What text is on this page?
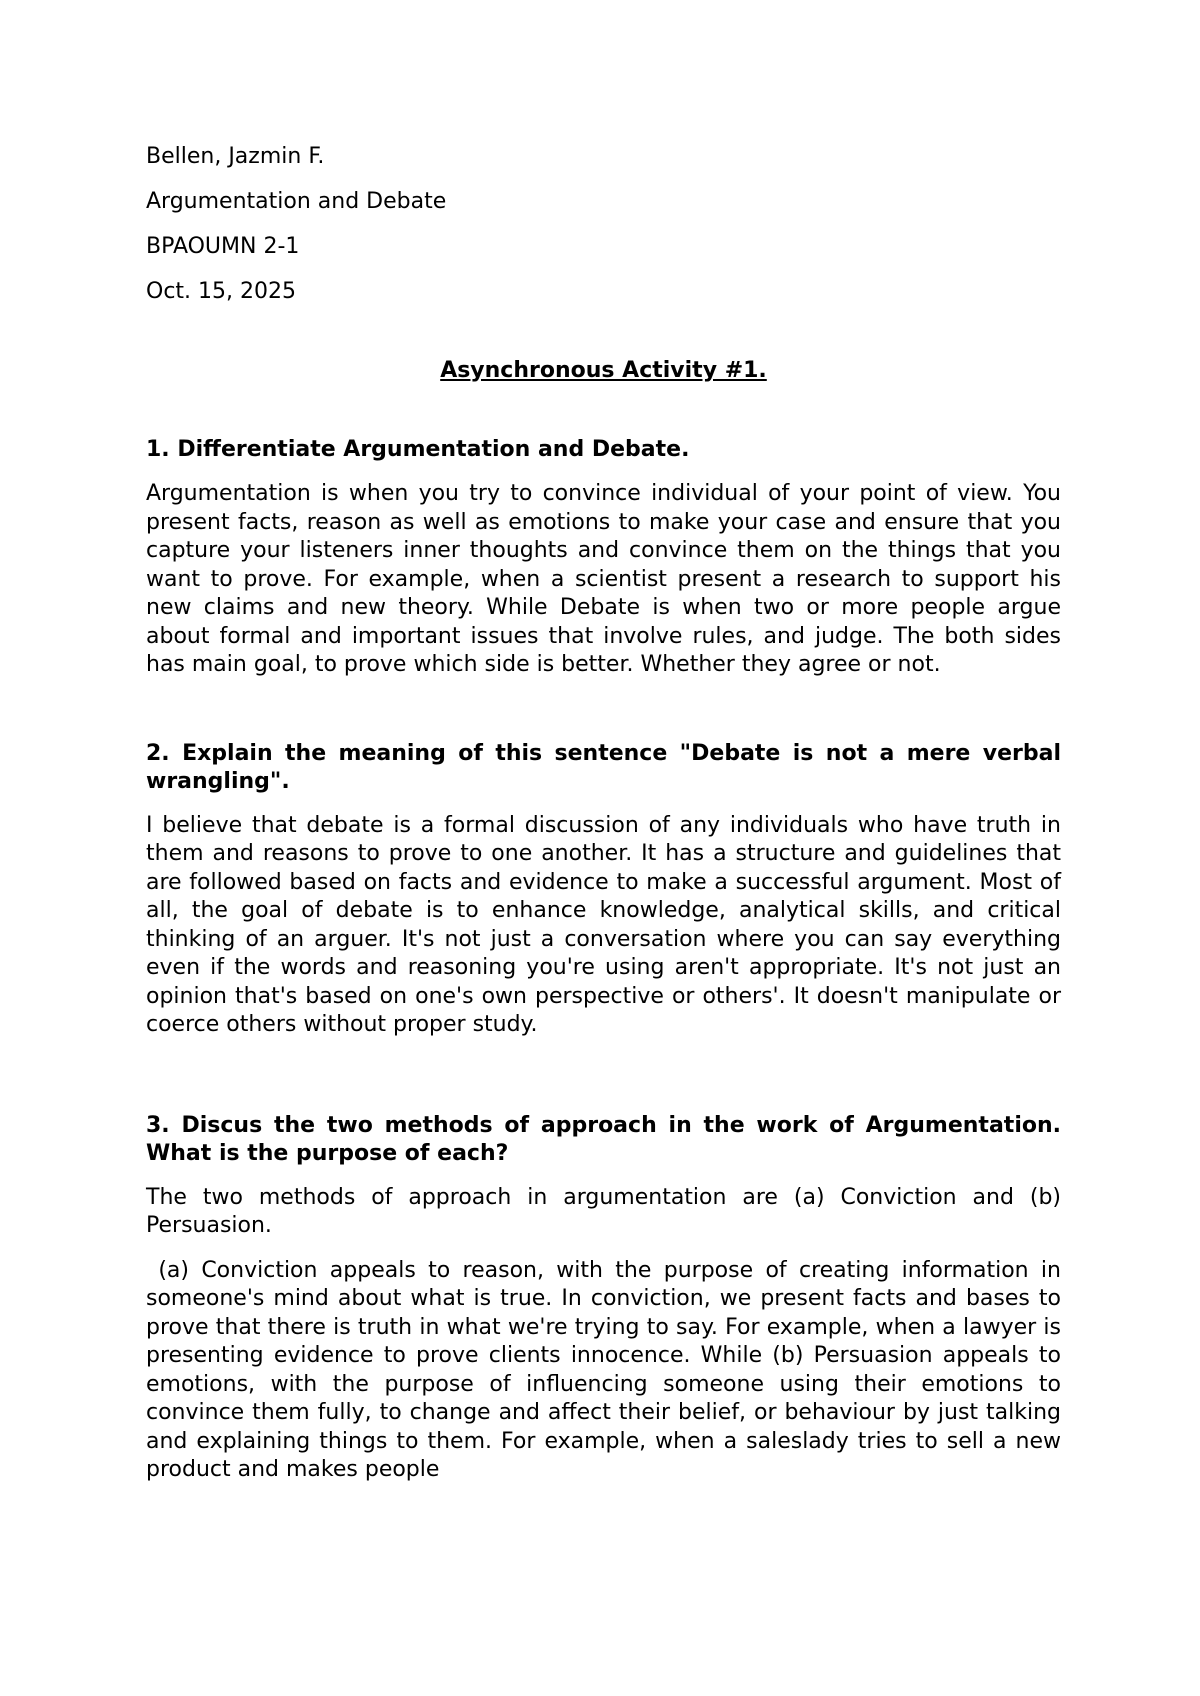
Bellen, Jazmin F.
Argumentation and Debate
BPAOUMN 2-1
Oct. 15, 2025
Asynchronous Activity #1.
1. Differentiate Argumentation and Debate.
Argumentation is when you try to convince individual of your point of view. You present facts, reason as well as emotions to make your case and ensure that you capture your listeners inner thoughts and convince them on the things that you want to prove. For example, when a scientist present a research to support his new claims and new theory. While Debate is when two or more people argue about formal and important issues that involve rules, and judge. The both sides has main goal, to prove which side is better. Whether they agree or not.
2. Explain the meaning of this sentence "Debate is not a mere verbal wrangling".
I believe that debate is a formal discussion of any individuals who have truth in them and reasons to prove to one another. It has a structure and guidelines that are followed based on facts and evidence to make a successful argument. Most of all, the goal of debate is to enhance knowledge, analytical skills, and critical thinking of an arguer. It's not just a conversation where you can say everything even if the words and reasoning you're using aren't appropriate. It's not just an opinion that's based on one's own perspective or others'. It doesn't manipulate or coerce others without proper study.
3. Discus the two methods of approach in the work of Argumentation. What is the purpose of each?
The two methods of approach in argumentation are (a) Conviction and (b) Persuasion.
(a) Conviction appeals to reason, with the purpose of creating information in someone's mind about what is true. In conviction, we present facts and bases to prove that there is truth in what we're trying to say. For example, when a lawyer is presenting evidence to prove clients innocence. While (b) Persuasion appeals to emotions, with the purpose of influencing someone using their emotions to convince them fully, to change and affect their belief, or behaviour by just talking and explaining things to them. For example, when a saleslady tries to sell a new product and makes people
